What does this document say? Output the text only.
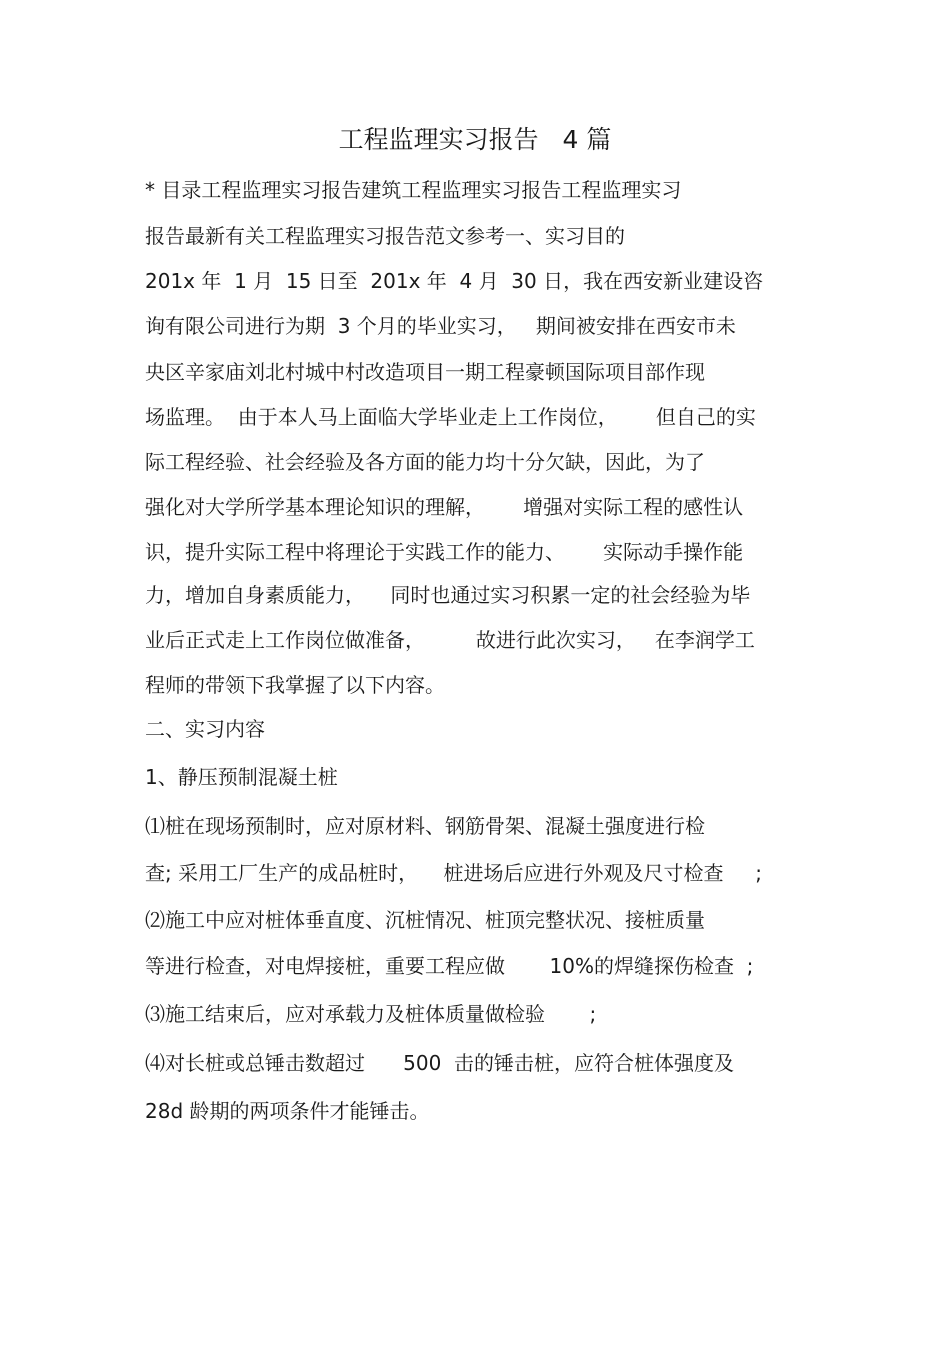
工程监理实习报告   4 篇
* 目录工程监理实习报告建筑工程监理实习报告工程监理实习
报告最新有关工程监理实习报告范文参考一、实习目的
201x 年  1 月  15 日至  201x 年  4 月  30 日，我在西安新业建设咨
询有限公司进行为期  3 个月的毕业实习，   期间被安排在西安市未
央区辛家庙刘北村城中村改造项目一期工程豪顿国际项目部作现
场监理。  由于本人马上面临大学毕业走上工作岗位，      但自己的实
际工程经验、社会经验及各方面的能力均十分欠缺，因此，为了
强化对大学所学基本理论知识的理解，      增强对实际工程的感性认
识，提升实际工程中将理论于实践工作的能力、      实际动手操作能
力，增加自身素质能力，    同时也通过实习积累一定的社会经验为毕
业后正式走上工作岗位做准备，        故进行此次实习，   在李润学工
程师的带领下我掌握了以下内容。
二、实习内容
1、静压预制混凝土桩
⑴桩在现场预制时，应对原材料、钢筋骨架、混凝土强度进行检
查; 采用工厂生产的成品桩时，    桩进场后应进行外观及尺寸检查     ;
⑵施工中应对桩体垂直度、沉桩情况、桩顶完整状况、接桩质量
等进行检查，对电焊接桩，重要工程应做       10%的焊缝探伤检查  ;
⑶施工结束后，应对承载力及桩体质量做检验       ;
⑷对长桩或总锤击数超过      500  击的锤击桩，应符合桩体强度及
28d 龄期的两项条件才能锤击。
